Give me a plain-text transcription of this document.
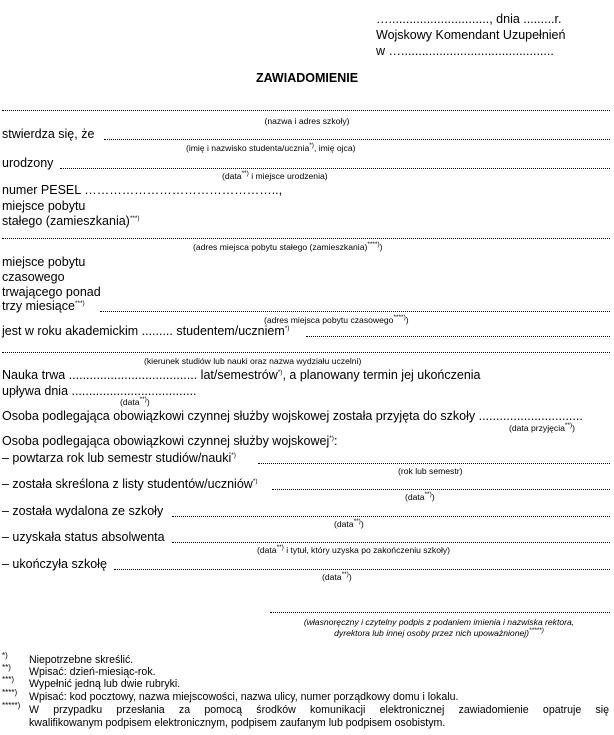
…............................., dnia .........r.
Wojskowy Komendant Uzupełnień
w …............................................
ZAWIADOMIENIE
(nazwa i adres szkoły)
stwierdza się, że
(imię i nazwisko studenta/ucznia*), imię ojca)
urodzony
(data**) i miejsce urodzenia)
numer PESEL ………………………………………..,
miejsce pobytu
stałego (zamieszkania)***)
(adres miejsca pobytu stałego (zamieszkania)****))
miejsce pobytu
czasowego
trwającego ponad
trzy miesiące***)
(adres miejsca pobytu czasowego****))
jest w roku akademickim ......... studentem/uczniem*)
(kierunek studiów lub nauki oraz nazwa wydziału uczelni)
Nauka trwa ..................................... lat/semestrów*), a planowany termin jej ukończenia
upływa dnia ....................................
(data**))
Osoba podlegająca obowiązkowi czynnej służby wojskowej została przyjęta do szkoły ..............................
(data przyjęcia**))
Osoba podlegająca obowiązkowi czynnej służby wojskowej*):
– powtarza rok lub semestr studiów/nauki*)
(rok lub semestr)
– została skreślona z listy studentów/uczniów*)
(data**))
– została wydalona ze szkoły
(data**))
– uzyskała status absolwenta
(data**) i tytuł, który uzyska po zakończeniu szkoły)
– ukończyła szkołę
(data**))
(własnoręczny i czytelny podpis z podaniem imienia i nazwiska rektora,
dyrektora lub innej osoby przez nich upoważnionej)*****)
*) Niepotrzebne skreślić.
**) Wpisać: dzień-miesiąc-rok.
***) Wypełnić jedną lub dwie rubryki.
****) Wpisać: kod pocztowy, nazwa miejscowości, nazwa ulicy, numer porządkowy domu i lokalu.
*****) W przypadku przesłania za pomocą środków komunikacji elektronicznej zawiadomienie opatruje się
kwalifikowanym podpisem elektronicznym, podpisem zaufanym lub podpisem osobistym.
